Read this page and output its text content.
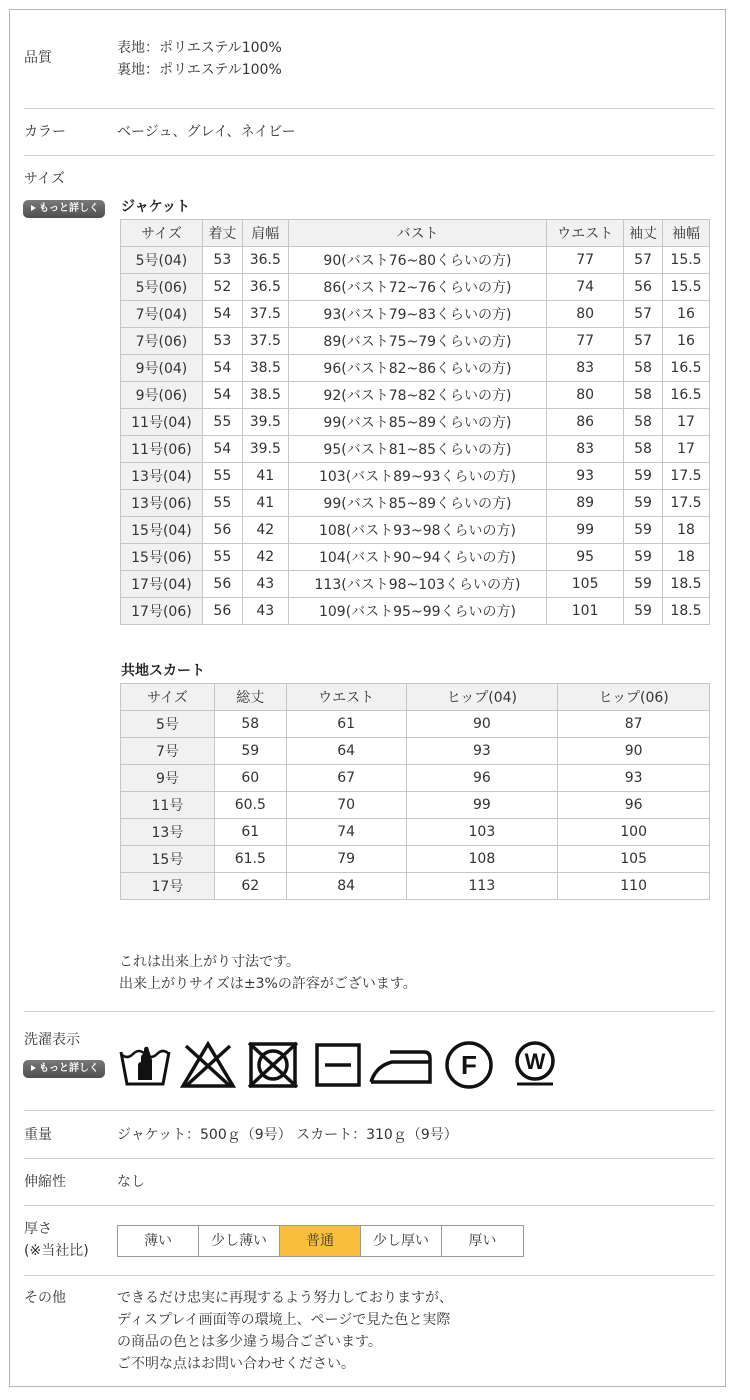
品質
表地：ポリエステル100%
裏地：ポリエステル100%
カラー	ベージュ、グレイ、ネイビー
サイズ
もっと詳しく	ジャケット
サイズ	着丈	肩幅	バスト	ウエスト	袖丈	袖幅
5号(04)	53	36.5	90(バスト76~80くらいの方)	77	57	15.5
5号(06)	52	36.5	86(バスト72~76くらいの方)	74	56	15.5
7号(04)	54	37.5	93(バスト79~83くらいの方)	80	57	16
7号(06)	53	37.5	89(バスト75~79くらいの方)	77	57	16
9号(04)	54	38.5	96(バスト82~86くらいの方)	83	58	16.5
9号(06)	54	38.5	92(バスト78~82くらいの方)	80	58	16.5
11号(04)	55	39.5	99(バスト85~89くらいの方)	86	58	17
11号(06)	54	39.5	95(バスト81~85くらいの方)	83	58	17
13号(04)	55	41	103(バスト89~93くらいの方)	93	59	17.5
13号(06)	55	41	99(バスト85~89くらいの方)	89	59	17.5
15号(04)	56	42	108(バスト93~98くらいの方)	99	59	18
15号(06)	55	42	104(バスト90~94くらいの方)	95	59	18
17号(04)	56	43	113(バスト98~103くらいの方)	105	59	18.5
17号(06)	56	43	109(バスト95~99くらいの方)	101	59	18.5
共地スカート
サイズ	総丈	ウエスト	ヒップ(04)	ヒップ(06)
5号	58	61	90	87
7号	59	64	93	90
9号	60	67	96	93
11号	60.5	70	99	96
13号	61	74	103	100
15号	61.5	79	108	105
17号	62	84	113	110
これは出来上がり寸法です。
出来上がりサイズは±3%の許容がございます。
洗濯表示
もっと詳しく	F W
重量	ジャケット：500ｇ（9号） スカート：310ｇ（9号）
伸縮性	なし
厚さ
(※当社比)
薄い	少し薄い	普通	少し厚い	厚い
その他	できるだけ忠実に再現するよう努力しておりますが、
ディスプレイ画面等の環境上、ページで見た色と実際
の商品の色とは多少違う場合ございます。
ご不明な点はお問い合わせください。
